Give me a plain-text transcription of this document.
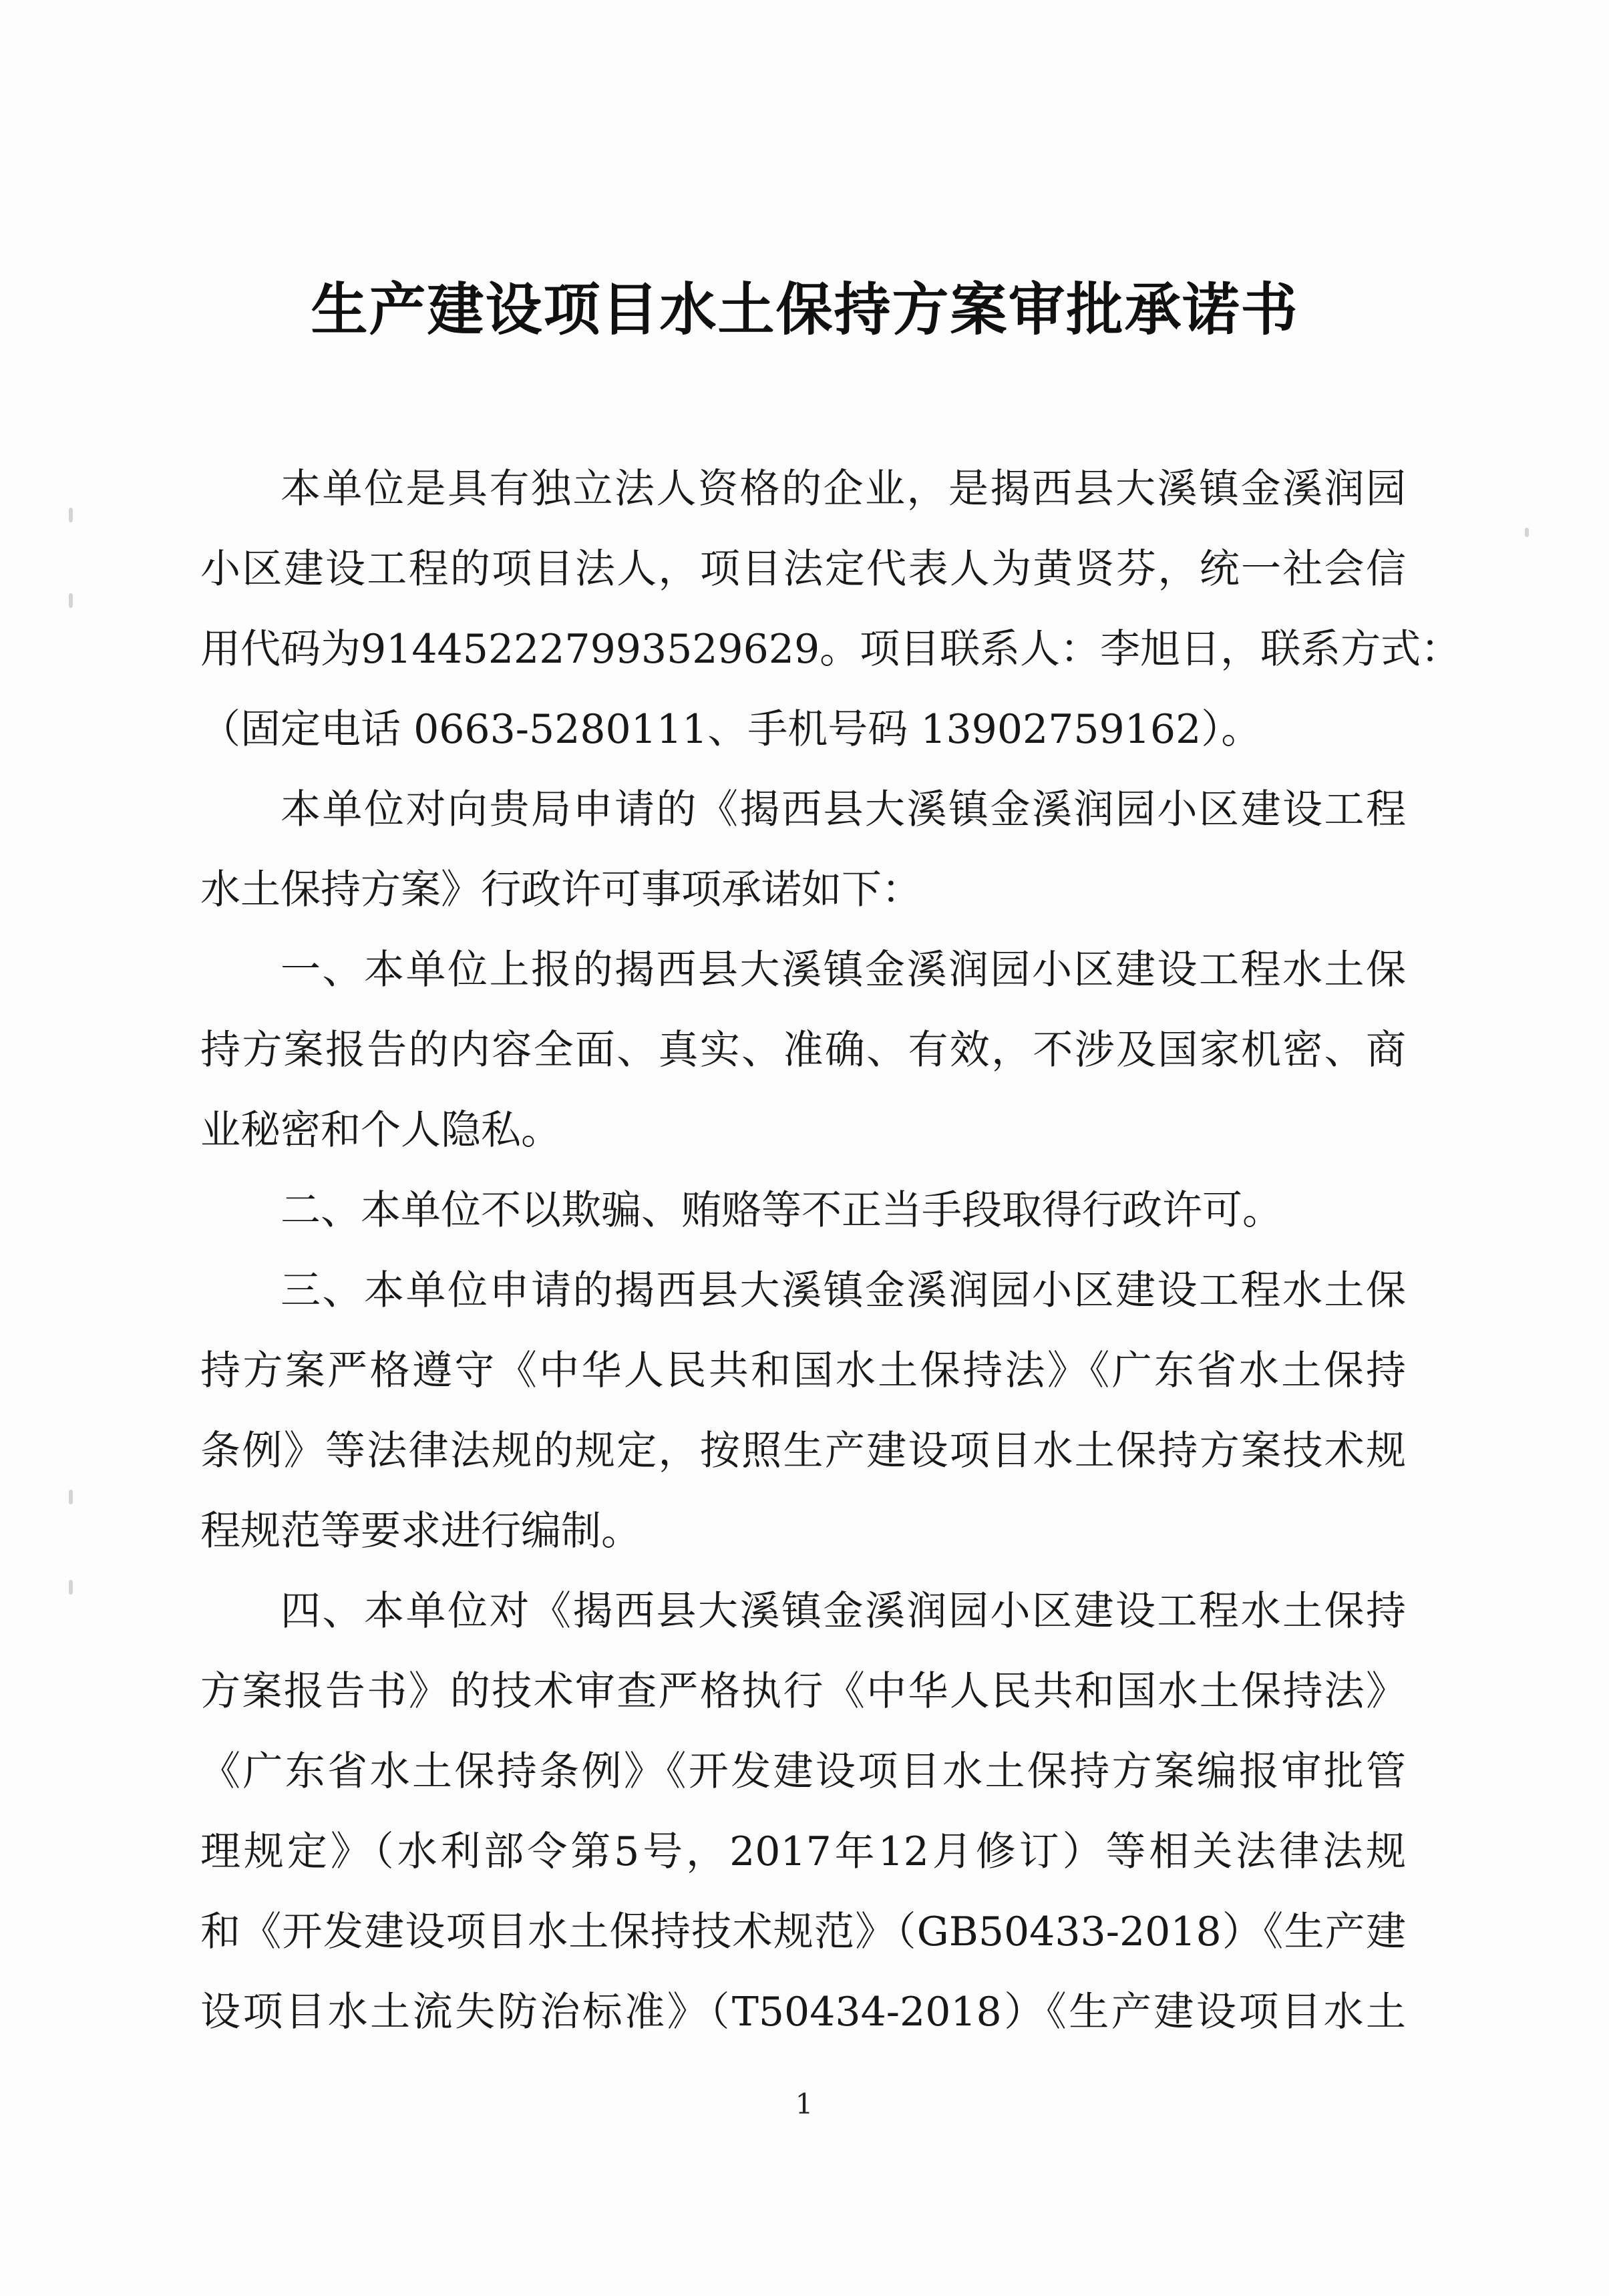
生产建设项目水土保持方案审批承诺书
本单位是具有独立法人资格的企业，是揭西县大溪镇金溪润园
小区建设工程的项目法人，项目法定代表人为黄贤芬，统一社会信
用代码为914452227993529629。项目联系人：李旭日，联系方式：
（固定电话 0663-5280111、手机号码 13902759162）。
本单位对向贵局申请的《揭西县大溪镇金溪润园小区建设工程
水土保持方案》行政许可事项承诺如下：
一、本单位上报的揭西县大溪镇金溪润园小区建设工程水土保
持方案报告的内容全面、真实、准确、有效，不涉及国家机密、商
业秘密和个人隐私。
二、本单位不以欺骗、贿赂等不正当手段取得行政许可。
三、本单位申请的揭西县大溪镇金溪润园小区建设工程水土保
持方案严格遵守《中华人民共和国水土保持法》《广东省水土保持
条例》等法律法规的规定，按照生产建设项目水土保持方案技术规
程规范等要求进行编制。
四、本单位对《揭西县大溪镇金溪润园小区建设工程水土保持
方案报告书》的技术审查严格执行《中华人民共和国水土保持法》
《广东省水土保持条例》《开发建设项目水土保持方案编报审批管
理规定》（水利部令第5号，2017年12月修订）等相关法律法规
和《开发建设项目水土保持技术规范》（GB50433-2018）《生产建
设项目水土流失防治标准》（T50434-2018）《生产建设项目水土
1
